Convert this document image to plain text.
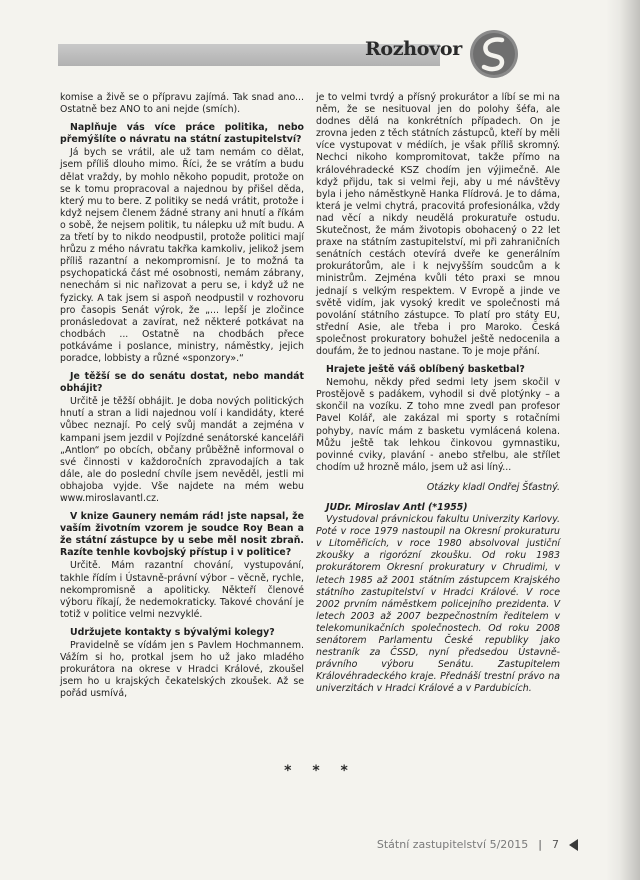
Rozhovor

komise a živě se o přípravu zajímá. Tak snad ano... Ostatně bez ANO to ani nejde (smích).

Naplňuje vás více práce politika, nebo přemýšlíte o návratu na státní zastupitelství?

Já bych se vrátil, ale už tam nemám co dělat, jsem příliš dlouho mimo. Říci, že se vrátím a budu dělat vraždy, by mohlo někoho popudit, protože on se k tomu propracoval a najednou by přišel děda, který mu to bere. Z politiky se nedá vrátit, protože i když nejsem členem žádné strany ani hnutí a říkám o sobě, že nejsem politik, tu nálepku už mít budu. A za třetí by to nikdo neodpustil, protože politici mají hrůzu z mého návratu takřka kamkoliv, jelikož jsem příliš razantní a nekompromisní. Je to možná ta psychopatická část mé osobnosti, nemám zábrany, nenechám si nic nařizovat a peru se, i když už ne fyzicky. A tak jsem si aspoň neodpustil v rozhovoru pro časopis Senát výrok, že „... lepší je zločince pronásledovat a zavírat, než některé potkávat na chodbách ... Ostatně na chodbách přece potkáváme i poslance, ministry, náměstky, jejich poradce, lobbisty a různé «sponzory».“

Je těžší se do senátu dostat, nebo mandát obhájit?

Určitě je těžší obhájit. Je doba nových politických hnutí a stran a lidi najednou volí i kandidáty, které vůbec neznají. Po celý svůj mandát a zejména v kampani jsem jezdil v Pojízdné senátorské kanceláři „Antlon“ po obcích, občany průběžně informoval o své činnosti v každoročních zpravodajích a tak dále, ale do poslední chvíle jsem nevěděl, jestli mi obhajoba vyjde. Vše najdete na mém webu www.miroslavantl.cz.

V knize Gaunery nemám rád! jste napsal, že vaším životním vzorem je soudce Roy Bean a že státní zástupce by u sebe měl nosit zbraň. Razíte tenhle kovbojský přístup i v politice?

Určitě. Mám razantní chování, vystupování, takhle řídím i Ústavně-právní výbor – věcně, rychle, nekompromisně a apoliticky. Někteří členové výboru říkají, že nedemokraticky. Takové chování je totiž v politice velmi nezvyklé.

Udržujete kontakty s bývalými kolegy?

Pravidelně se vídám jen s Pavlem Hochmannem. Vážím si ho, protkal jsem ho už jako mladého prokurátora na okrese v Hradci Králové, zkoušel jsem ho u krajských čekatelských zkoušek. Až se pořád usmívá,

je to velmi tvrdý a přísný prokurátor a líbí se mi na něm, že se nesituoval jen do polohy šéfa, ale dodnes dělá na konkrétních případech. On je zrovna jeden z těch státních zástupců, kteří by měli více vystupovat v médiích, je však příliš skromný. Nechci nikoho kompromitovat, takže přímo na královéhradecké KSZ chodím jen výjimečně. Ale když přijdu, tak si velmi řeji, aby u mé návštěvy byla i jeho náměstkyně Hanka Flídrová. Je to dáma, která je velmi chytrá, pracovitá profesionálka, vždy nad věcí a nikdy neudělá prokuratuře ostudu. Skutečnost, že mám životopis obohacený o 22 let praxe na státním zastupitelství, mi při zahraničních senátních cestách otevírá dveře ke generálním prokurátorům, ale i k nejvyšším soudcům a k ministrům. Zejména kvůli této praxi se mnou jednají s velkým respektem. V Evropě a jinde ve světě vidím, jak vysoký kredit ve společnosti má povolání státního zástupce. To platí pro státy EU, střední Asie, ale třeba i pro Maroko. Česká společnost prokuratory bohužel ještě nedocenila a doufám, že to jednou nastane. To je moje přání.

Hrajete ještě váš oblíbený basketbal?

Nemohu, někdy před sedmi lety jsem skočil v Prostějově s padákem, vyhodil si dvě plotýnky – a skončil na vozíku. Z toho mne zvedl pan profesor Pavel Kolář, ale zakázal mi sporty s rotačními pohyby, navíc mám z basketu vymlácená kolena. Můžu ještě tak lehkou činkovou gymnastiku, povinné cviky, plavání - anebo střelbu, ale střílet chodím už hrozně málo, jsem už asi líný...

Otázky kladl Ondřej Šťastný.

JUDr. Miroslav Antl (*1955)

Vystudoval právnickou fakultu Univerzity Karlovy. Poté v roce 1979 nastoupil na Okresní prokuraturu v Litoměřicích, v roce 1980 absolvoval justiční zkoušky a rigorózní zkoušku. Od roku 1983 prokurátorem Okresní prokuratury v Chrudimi, v letech 1985 až 2001 státním zástupcem Krajského státního zastupitelství v Hradci Králové. V roce 2002 prvním náměstkem policejního prezidenta. V letech 2003 až 2007 bezpečnostním ředitelem v telekomunikačních společnostech. Od roku 2008 senátorem Parlamentu České republiky jako nestraník za ČSSD, nyní předsedou Ústavně-právního výboru Senátu. Zastupitelem Královéhradeckého kraje. Přednáší trestní právo na univerzitách v Hradci Králové a v Pardubicích.

* * *
Státní zastupitelství 5/2015 | 7
